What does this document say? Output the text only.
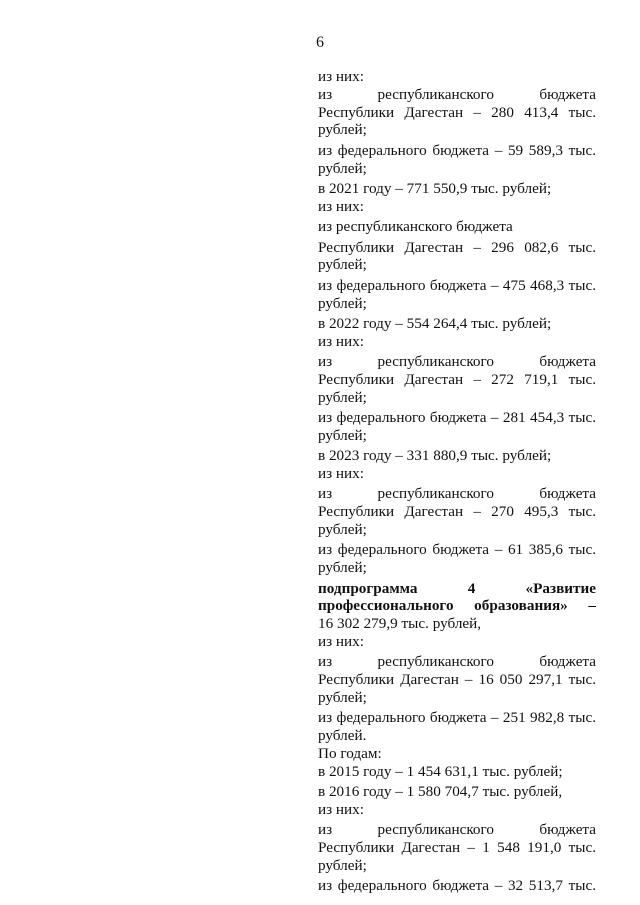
6
из них:
из республиканского бюджета
Республики Дагестан – 280 413,4 тыс.
рублей;
из федерального бюджета – 59 589,3 тыс.
рублей;
в 2021 году – 771 550,9 тыс. рублей;
из них:
из республиканского бюджета
Республики Дагестан – 296 082,6 тыс.
рублей;
из федерального бюджета – 475 468,3 тыс.
рублей;
в 2022 году – 554 264,4 тыс. рублей;
из них:
из республиканского бюджета
Республики Дагестан – 272 719,1 тыс.
рублей;
из федерального бюджета – 281 454,3 тыс.
рублей;
в 2023 году – 331 880,9 тыс. рублей;
из них:
из республиканского бюджета
Республики Дагестан – 270 495,3 тыс.
рублей;
из федерального бюджета – 61 385,6 тыс.
рублей;
подпрограмма 4 «Развитие
профессионального образования» –
16 302 279,9 тыс. рублей,
из них:
из республиканского бюджета
Республики Дагестан – 16 050 297,1 тыс.
рублей;
из федерального бюджета – 251 982,8 тыс.
рублей.
По годам:
в 2015 году – 1 454 631,1 тыс. рублей;
в 2016 году – 1 580 704,7 тыс. рублей,
из них:
из республиканского бюджета
Республики Дагестан – 1 548 191,0 тыс.
рублей;
из федерального бюджета – 32 513,7 тыс.
